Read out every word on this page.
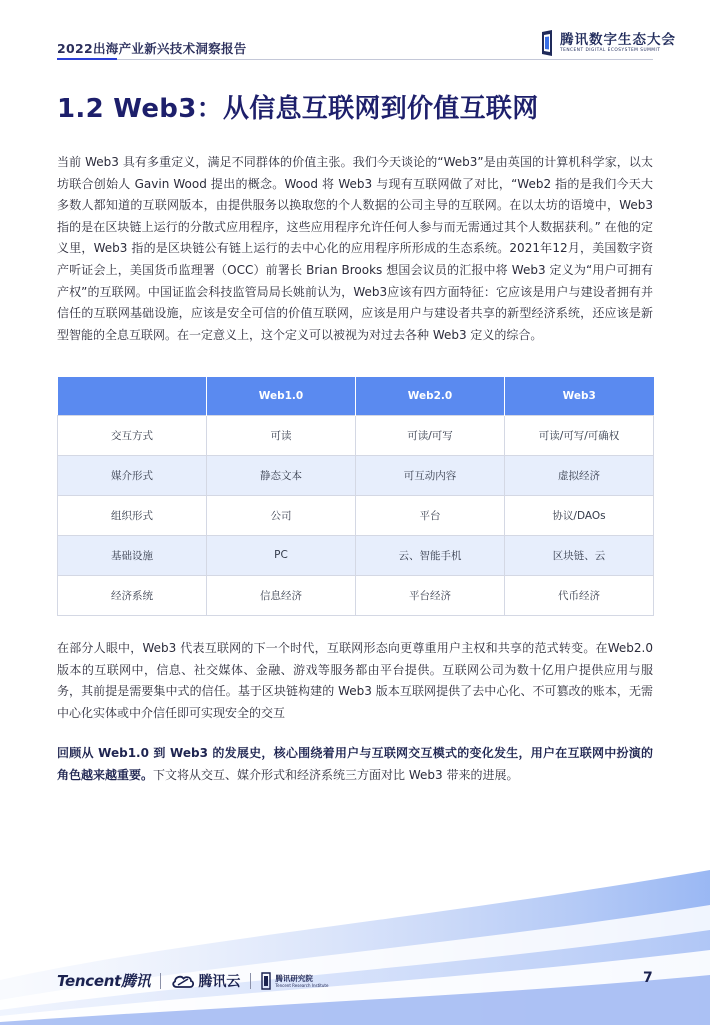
2022出海产业新兴技术洞察报告
腾讯数字生态大会
TENCENT DIGITAL ECOSYSTEM SUMMIT
1.2 Web3：从信息互联网到价值互联网

当前 Web3 具有多重定义，满足不同群体的价值主张。我们今天谈论的“Web3”是由英国的计算机科学家，以太坊联合创始人 Gavin Wood 提出的概念。Wood 将 Web3 与现有互联网做了对比，“Web2 指的是我们今天大多数人都知道的互联网版本，由提供服务以换取您的个人数据的公司主导的互联网。在以太坊的语境中，Web3 指的是在区块链上运行的分散式应用程序，这些应用程序允许任何人参与而无需通过其个人数据获利。” 在他的定义里，Web3 指的是区块链公有链上运行的去中心化的应用程序所形成的生态系统。2021年12月，美国数字资产听证会上，美国货币监理署（OCC）前署长 Brian Brooks 想国会议员的汇报中将 Web3 定义为“用户可拥有产权”的互联网。中国证监会科技监管局局长姚前认为，Web3应该有四方面特征：它应该是用户与建设者拥有并信任的互联网基础设施，应该是安全可信的价值互联网，应该是用户与建设者共享的新型经济系统，还应该是新型智能的全息互联网。在一定意义上，这个定义可以被视为对过去各种 Web3 定义的综合。

	Web1.0	Web2.0	Web3
交互方式	可读	可读/可写	可读/可写/可确权
媒介形式	静态文本	可互动内容	虚拟经济
组织形式	公司	平台	协议/DAOs
基础设施	PC	云、智能手机	区块链、云
经济系统	信息经济	平台经济	代币经济

在部分人眼中，Web3 代表互联网的下一个时代，互联网形态向更尊重用户主权和共享的范式转变。在Web2.0 版本的互联网中，信息、社交媒体、金融、游戏等服务都由平台提供。互联网公司为数十亿用户提供应用与服务，其前提是需要集中式的信任。基于区块链构建的 Web3 版本互联网提供了去中心化、不可篡改的账本，无需中心化实体或中介信任即可实现安全的交互

回顾从 Web1.0 到 Web3 的发展史，核心围绕着用户与互联网交互模式的变化发生，用户在互联网中扮演的角色越来越重要。下文将从交互、媒介形式和经济系统三方面对比 Web3 带来的进展。

Tencent腾讯	腾讯云	腾讯研究院
Tencent Research Institute	7
